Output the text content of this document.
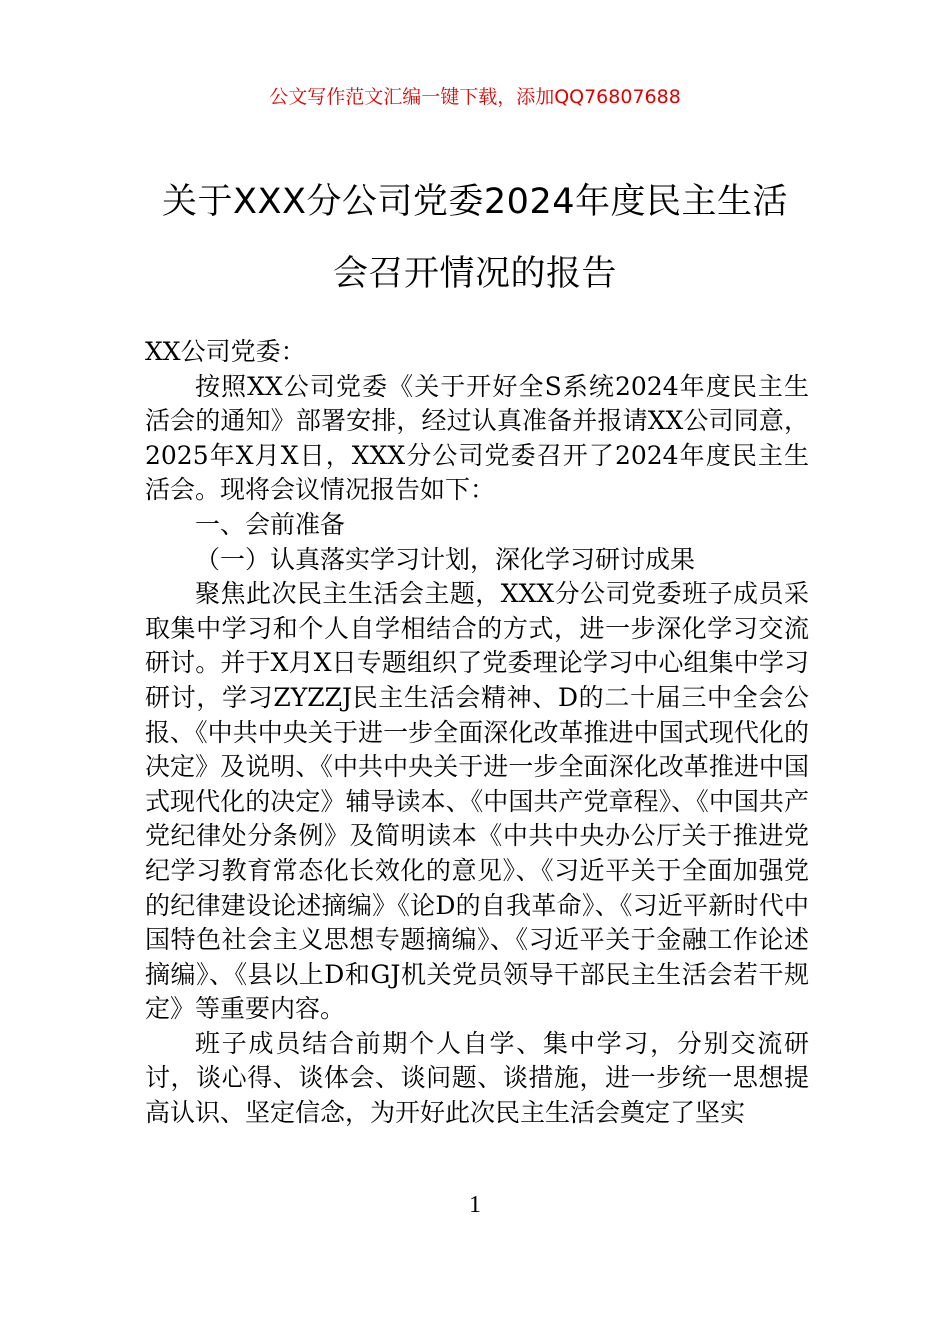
公文写作范文汇编一键下载，添加QQ76807688
关于XXX分公司党委2024年度民主生活
会召开情况的报告

XX公司党委：

按照XX公司党委《关于开好全S系统2024年度民主生活会的通知》部署安排，经过认真准备并报请XX公司同意，2025年X月X日，XXX分公司党委召开了2024年度民主生活会。现将会议情况报告如下：

一、会前准备

（一）认真落实学习计划，深化学习研讨成果

聚焦此次民主生活会主题，XXX分公司党委班子成员采取集中学习和个人自学相结合的方式，进一步深化学习交流研讨。并于X月X日专题组织了党委理论学习中心组集中学习研讨，学习ZYZZJ民主生活会精神、D的二十届三中全会公报、《中共中央关于进一步全面深化改革推进中国式现代化的决定》及说明、《中共中央关于进一步全面深化改革推进中国式现代化的决定》辅导读本、《中国共产党章程》、《中国共产党纪律处分条例》及简明读本《中共中央办公厅关于推进党纪学习教育常态化长效化的意见》、《习近平关于全面加强党的纪律建设论述摘编》《论D的自我革命》、《习近平新时代中国特色社会主义思想专题摘编》、《习近平关于金融工作论述摘编》、《县以上D和GJ机关党员领导干部民主生活会若干规定》等重要内容。

班子成员结合前期个人自学、集中学习，分别交流研讨，谈心得、谈体会、谈问题、谈措施，进一步统一思想提高认识、坚定信念，为开好此次民主生活会奠定了坚实

1
